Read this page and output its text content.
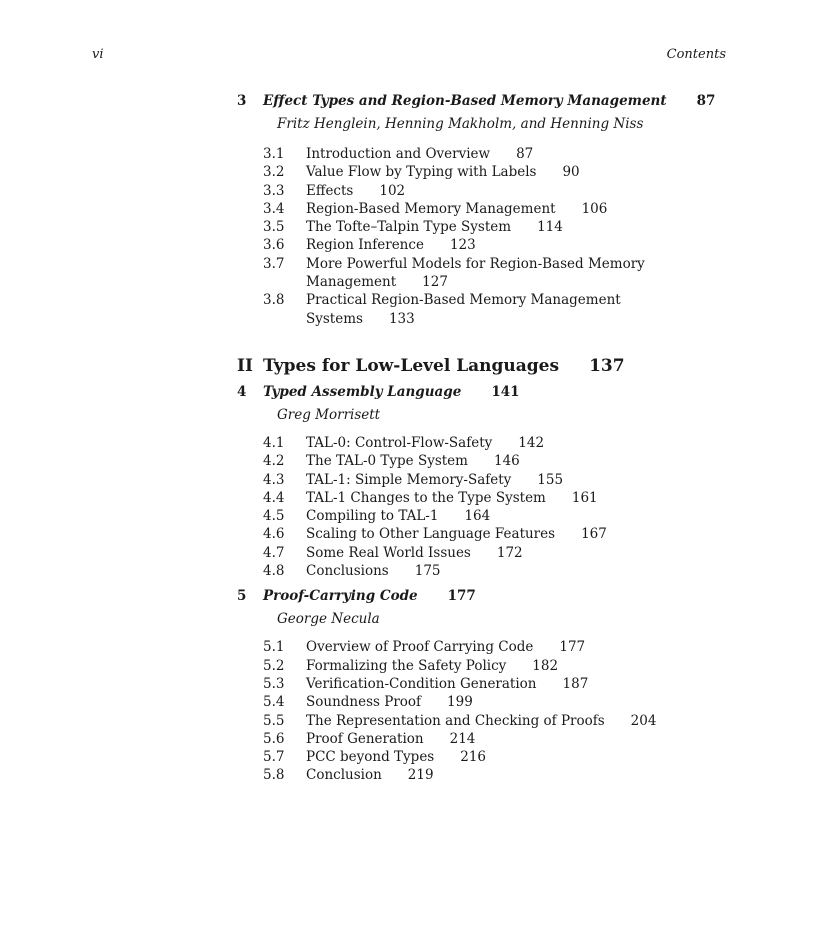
vi	Contents
3	Effect Types and Region-Based Memory Management 87
Fritz Henglein, Henning Makholm, and Henning Niss
3.1	Introduction and Overview 87
3.2	Value Flow by Typing with Labels 90
3.3	Effects 102
3.4	Region-Based Memory Management 106
3.5	The Tofte–Talpin Type System 114
3.6	Region Inference 123
3.7	More Powerful Models for Region-Based Memory
Management 127
3.8	Practical Region-Based Memory Management Systems 133
II Types for Low-Level Languages 137
4	Typed Assembly Language 141
Greg Morrisett
4.1	TAL-0: Control-Flow-Safety 142
4.2	The TAL-0 Type System 146
4.3	TAL-1: Simple Memory-Safety 155
4.4	TAL-1 Changes to the Type System 161
4.5	Compiling to TAL-1 164
4.6	Scaling to Other Language Features 167
4.7	Some Real World Issues 172
4.8	Conclusions 175
5	Proof-Carrying Code 177
George Necula
5.1	Overview of Proof Carrying Code 177
5.2	Formalizing the Safety Policy 182
5.3	Verification-Condition Generation 187
5.4	Soundness Proof 199
5.5	The Representation and Checking of Proofs 204
5.6	Proof Generation 214
5.7	PCC beyond Types 216
5.8	Conclusion 219
